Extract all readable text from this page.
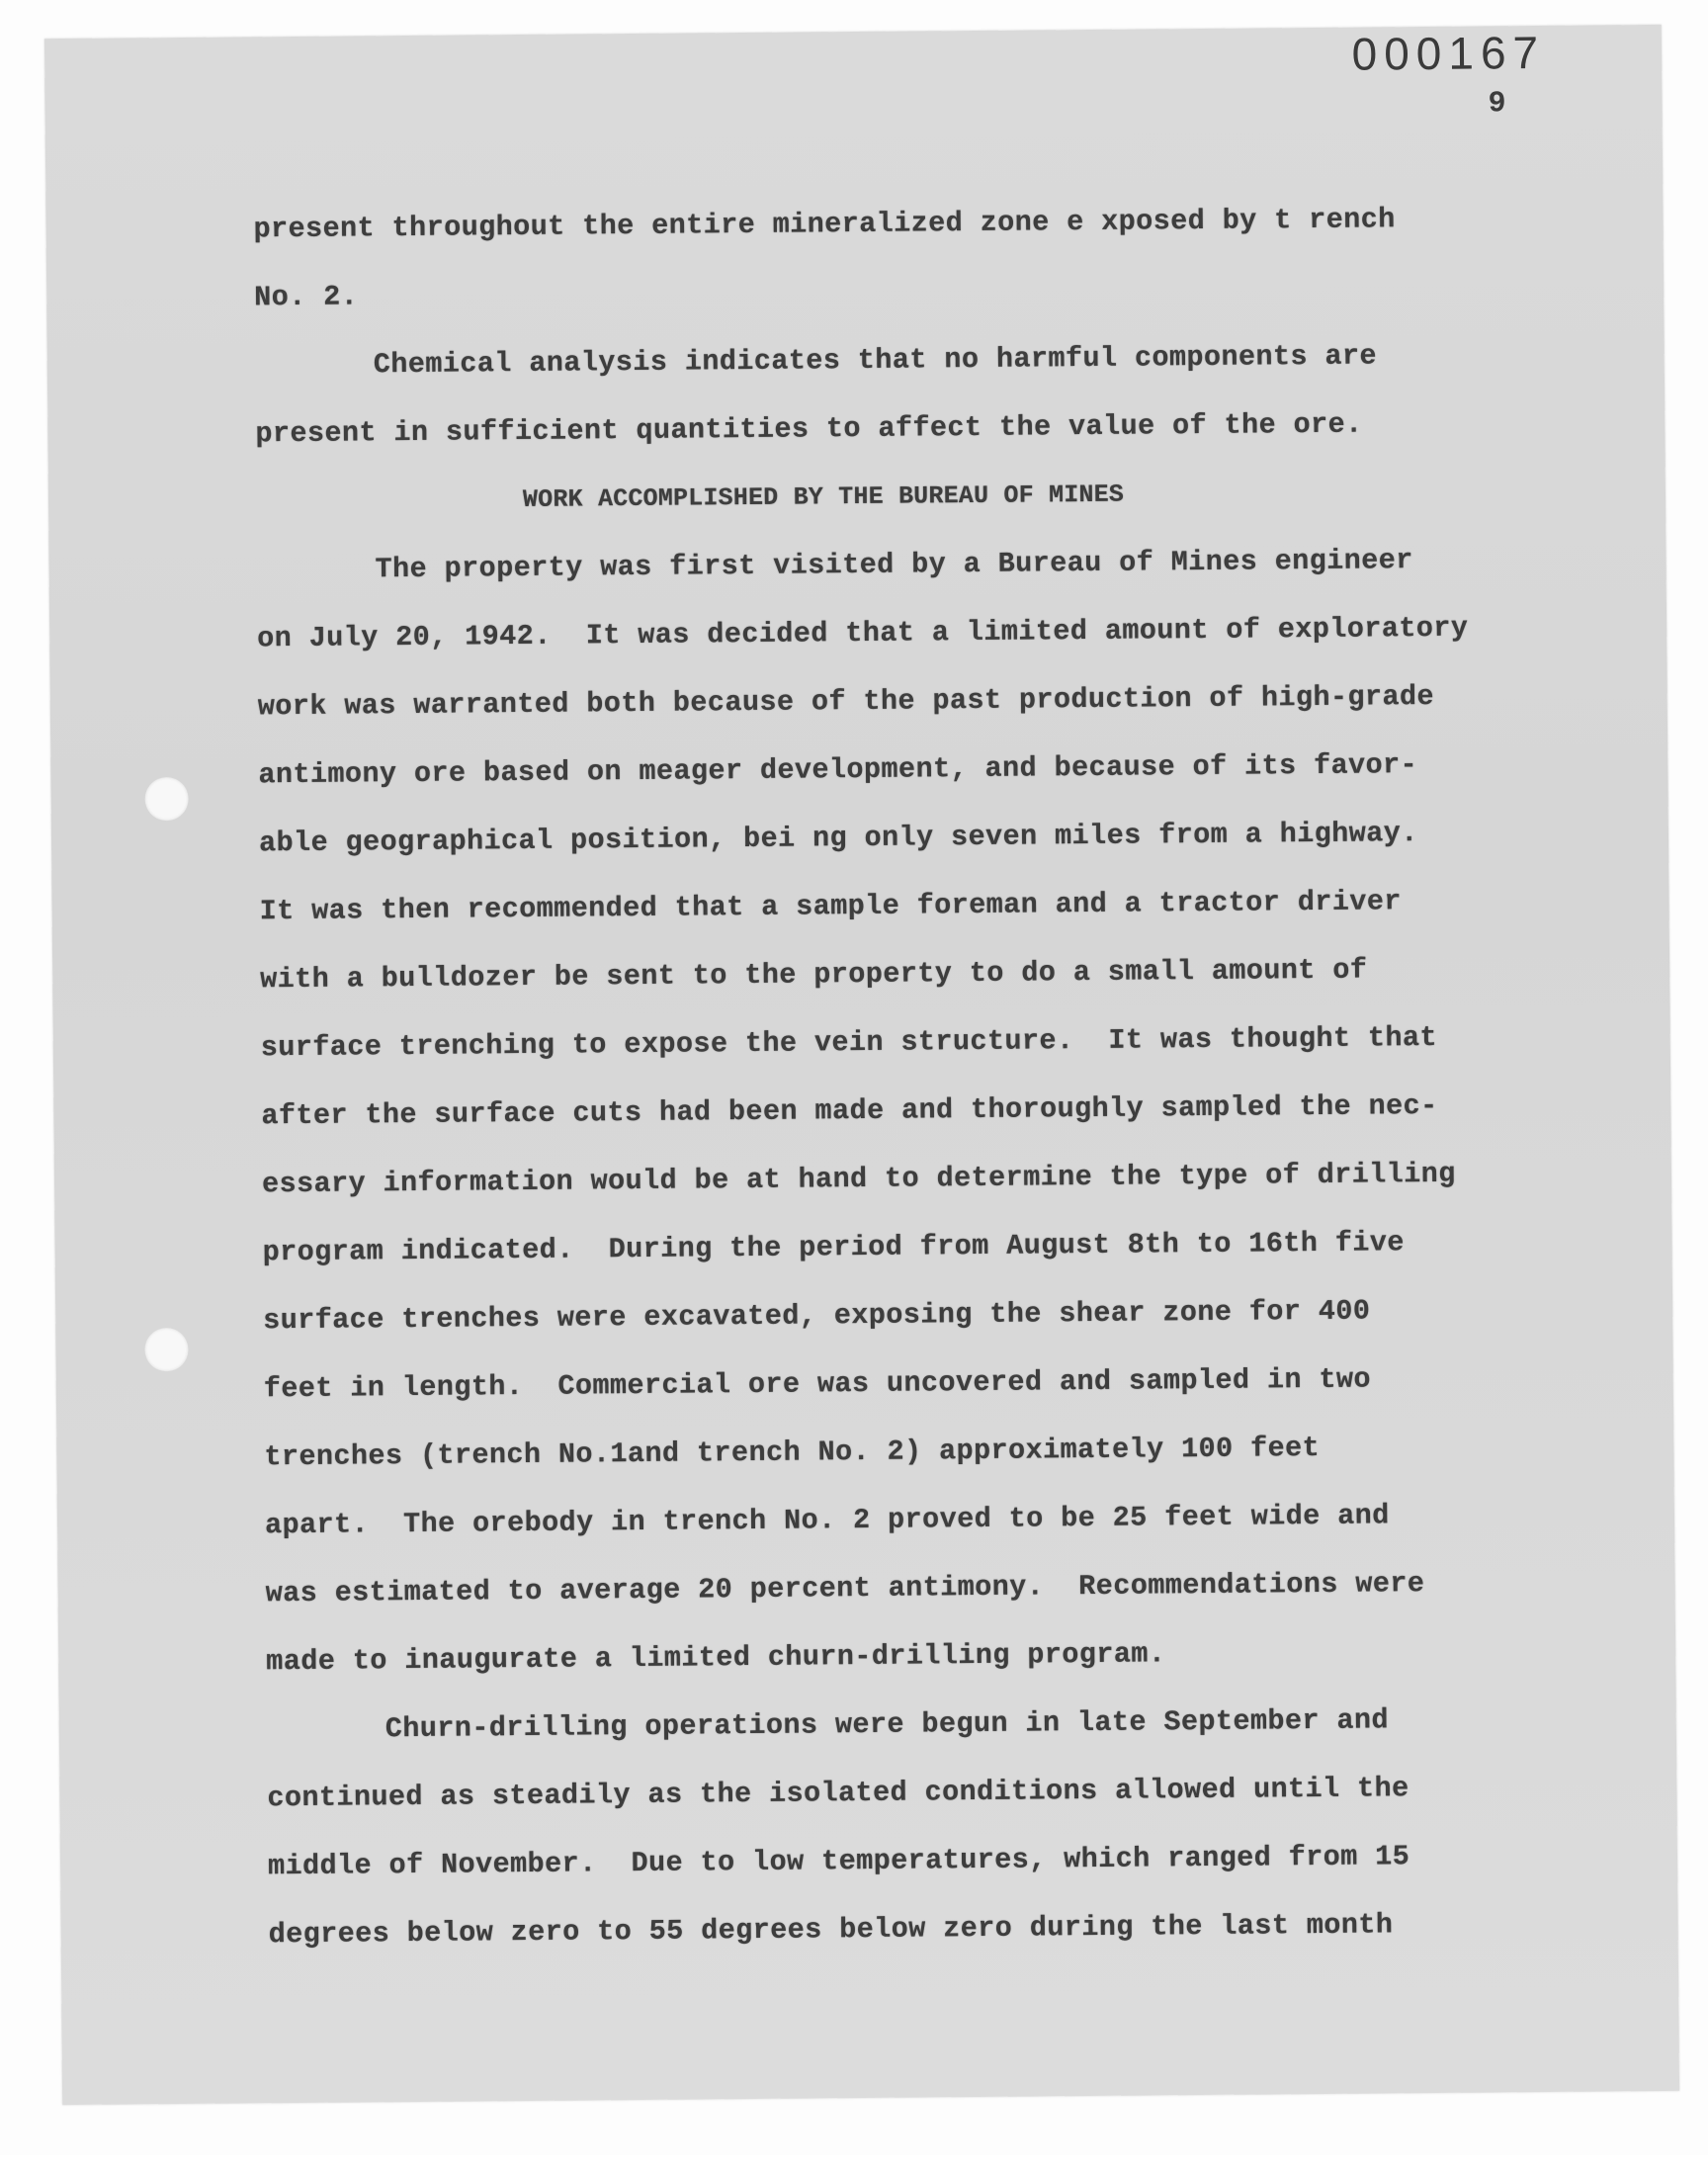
000167
9
present throughout the entire mineralized zone e xposed by t rench
No. 2.
Chemical analysis indicates that no harmful components are
present in sufficient quantities to affect the value of the ore.
WORK ACCOMPLISHED BY THE BUREAU OF MINES
The property was first visited by a Bureau of Mines engineer
on July 20, 1942.  It was decided that a limited amount of exploratory
work was warranted both because of the past production of high-grade
antimony ore based on meager development, and because of its favor-
able geographical position, bei ng only seven miles from a highway.
It was then recommended that a sample foreman and a tractor driver
with a bulldozer be sent to the property to do a small amount of
surface trenching to expose the vein structure.  It was thought that
after the surface cuts had been made and thoroughly sampled the nec-
essary information would be at hand to determine the type of drilling
program indicated.  During the period from August 8th to 16th five
surface trenches were excavated, exposing the shear zone for 400
feet in length.  Commercial ore was uncovered and sampled in two
trenches (trench No.1and trench No. 2) approximately 100 feet
apart.  The orebody in trench No. 2 proved to be 25 feet wide and
was estimated to average 20 percent antimony.  Recommendations were
made to inaugurate a limited churn-drilling program.
Churn-drilling operations were begun in late September and
continued as steadily as the isolated conditions allowed until the
middle of November.  Due to low temperatures, which ranged from 15
degrees below zero to 55 degrees below zero during the last month
